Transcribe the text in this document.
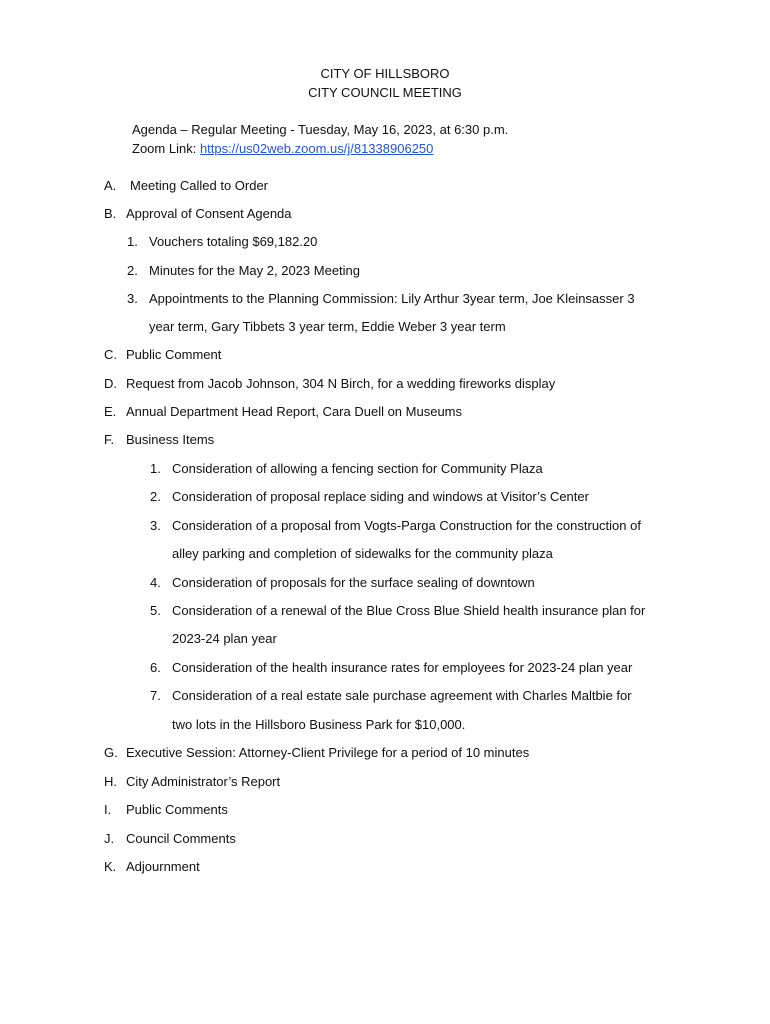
CITY OF HILLSBORO
CITY COUNCIL MEETING
Agenda – Regular Meeting - Tuesday, May 16, 2023, at 6:30 p.m.
Zoom Link: https://us02web.zoom.us/j/81338906250
A. Meeting Called to Order
B. Approval of Consent Agenda
1. Vouchers totaling $69,182.20
2. Minutes for the May 2, 2023 Meeting
3. Appointments to the Planning Commission: Lily Arthur 3year term, Joe Kleinsasser 3
year term, Gary Tibbets 3 year term, Eddie Weber 3 year term
C. Public Comment
D. Request from Jacob Johnson, 304 N Birch, for a wedding fireworks display
E. Annual Department Head Report, Cara Duell on Museums
F. Business Items
1. Consideration of allowing a fencing section for Community Plaza
2. Consideration of proposal replace siding and windows at Visitor’s Center
3. Consideration of a proposal from Vogts-Parga Construction for the construction of
alley parking and completion of sidewalks for the community plaza
4. Consideration of proposals for the surface sealing of downtown
5. Consideration of a renewal of the Blue Cross Blue Shield health insurance plan for
2023-24 plan year
6. Consideration of the health insurance rates for employees for 2023-24 plan year
7. Consideration of a real estate sale purchase agreement with Charles Maltbie for
two lots in the Hillsboro Business Park for $10,000.
G. Executive Session: Attorney-Client Privilege for a period of 10 minutes
H. City Administrator’s Report
I. Public Comments
J. Council Comments
K. Adjournment
